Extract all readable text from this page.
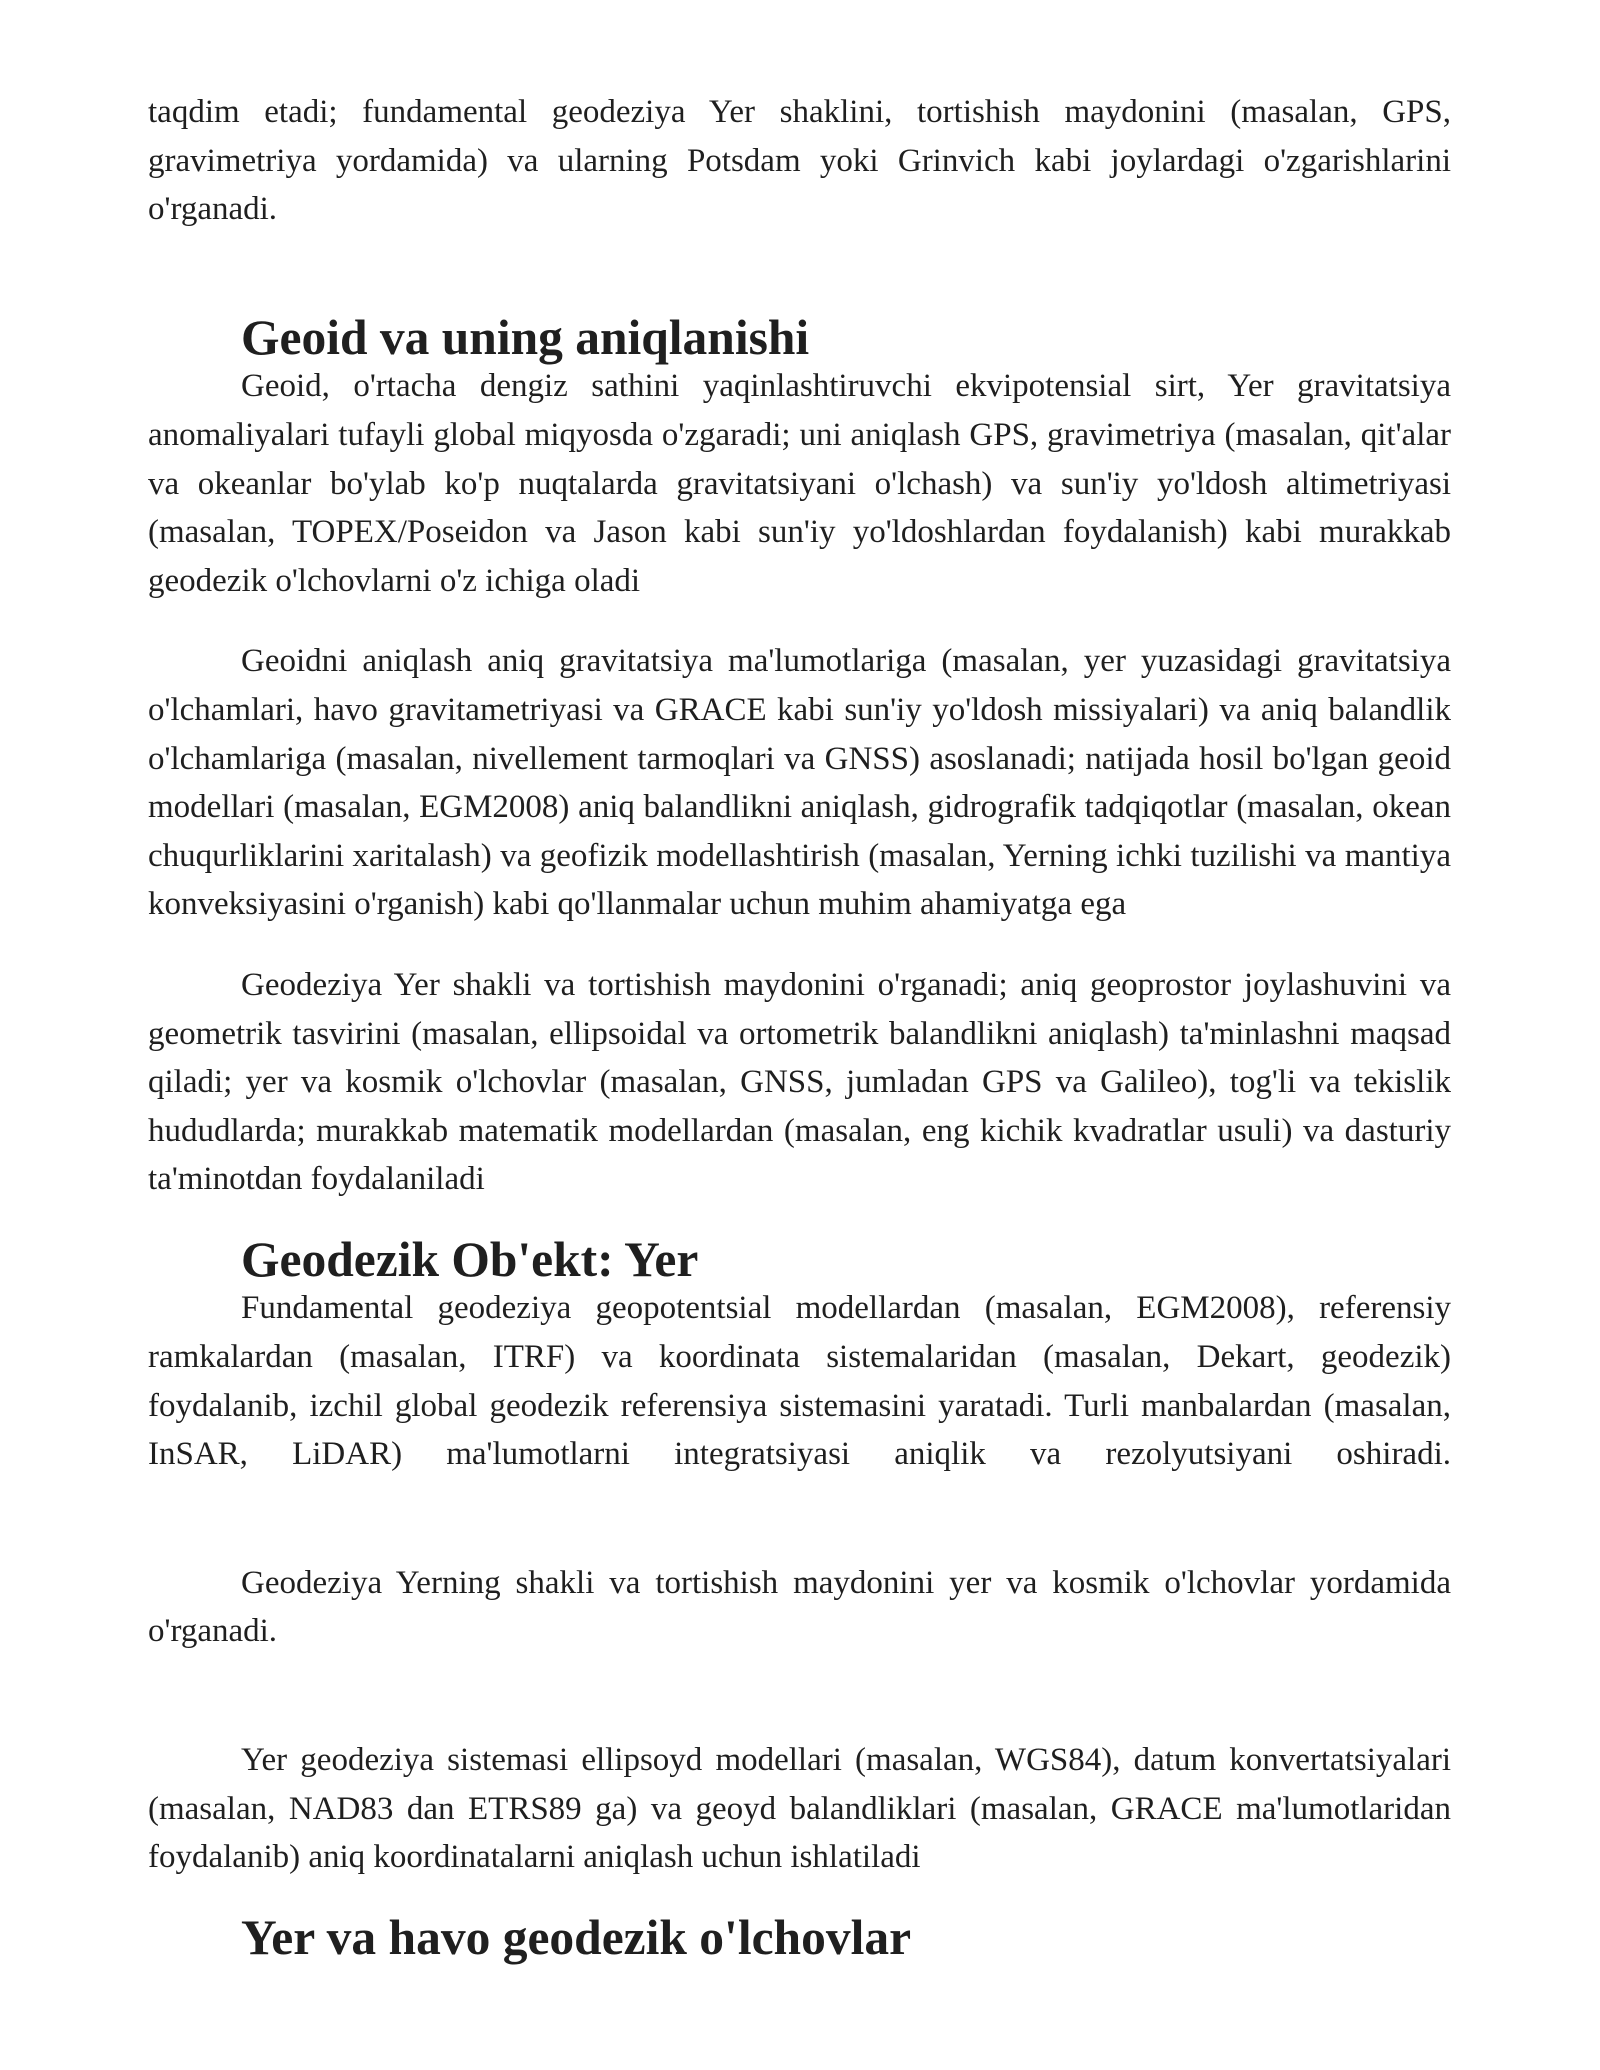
taqdim etadi; fundamental geodeziya Yer shaklini, tortishish maydonini (masalan, GPS, gravimetriya yordamida) va ularning Potsdam yoki Grinvich kabi joylardagi o'zgarishlarini o'rganadi.

Geoid va uning aniqlanishi

Geoid, o'rtacha dengiz sathini yaqinlashtiruvchi ekvipotensial sirt, Yer gravitatsiya anomaliyalari tufayli global miqyosda o'zgaradi; uni aniqlash GPS, gravimetriya (masalan, qit'alar va okeanlar bo'ylab ko'p nuqtalarda gravitatsiyani o'lchash) va sun'iy yo'ldosh altimetriyasi (masalan, TOPEX/Poseidon va Jason kabi sun'iy yo'ldoshlardan foydalanish) kabi murakkab geodezik o'lchovlarni o'z ichiga oladi

Geoidni aniqlash aniq gravitatsiya ma'lumotlariga (masalan, yer yuzasidagi gravitatsiya o'lchamlari, havo gravitametriyasi va GRACE kabi sun'iy yo'ldosh missiyalari) va aniq balandlik o'lchamlariga (masalan, nivellement tarmoqlari va GNSS) asoslanadi; natijada hosil bo'lgan geoid modellari (masalan, EGM2008) aniq balandlikni aniqlash, gidrografik tadqiqotlar (masalan, okean chuqurliklarini xaritalash) va geofizik modellashtirish (masalan, Yerning ichki tuzilishi va mantiya konveksiyasini o'rganish) kabi qo'llanmalar uchun muhim ahamiyatga ega

Geodeziya Yer shakli va tortishish maydonini o'rganadi; aniq geoprostor joylashuvini va geometrik tasvirini (masalan, ellipsoidal va ortometrik balandlikni aniqlash) ta'minlashni maqsad qiladi; yer va kosmik o'lchovlar (masalan, GNSS, jumladan GPS va Galileo), tog'li va tekislik hududlarda; murakkab matematik modellardan (masalan, eng kichik kvadratlar usuli) va dasturiy ta'minotdan foydalaniladi

Geodezik Ob'ekt: Yer

Fundamental geodeziya geopotentsial modellardan (masalan, EGM2008), referensiy ramkalardan (masalan, ITRF) va koordinata sistemalaridan (masalan, Dekart, geodezik) foydalanib, izchil global geodezik referensiya sistemasini yaratadi. Turli manbalardan (masalan, InSAR, LiDAR) ma'lumotlarni integratsiyasi aniqlik va rezolyutsiyani oshiradi.

Geodeziya Yerning shakli va tortishish maydonini yer va kosmik o'lchovlar yordamida o'rganadi.

Yer geodeziya sistemasi ellipsoyd modellari (masalan, WGS84), datum konvertatsiyalari (masalan, NAD83 dan ETRS89 ga) va geoyd balandliklari (masalan, GRACE ma'lumotlaridan foydalanib) aniq koordinatalarni aniqlash uchun ishlatiladi

Yer va havo geodezik o'lchovlar
